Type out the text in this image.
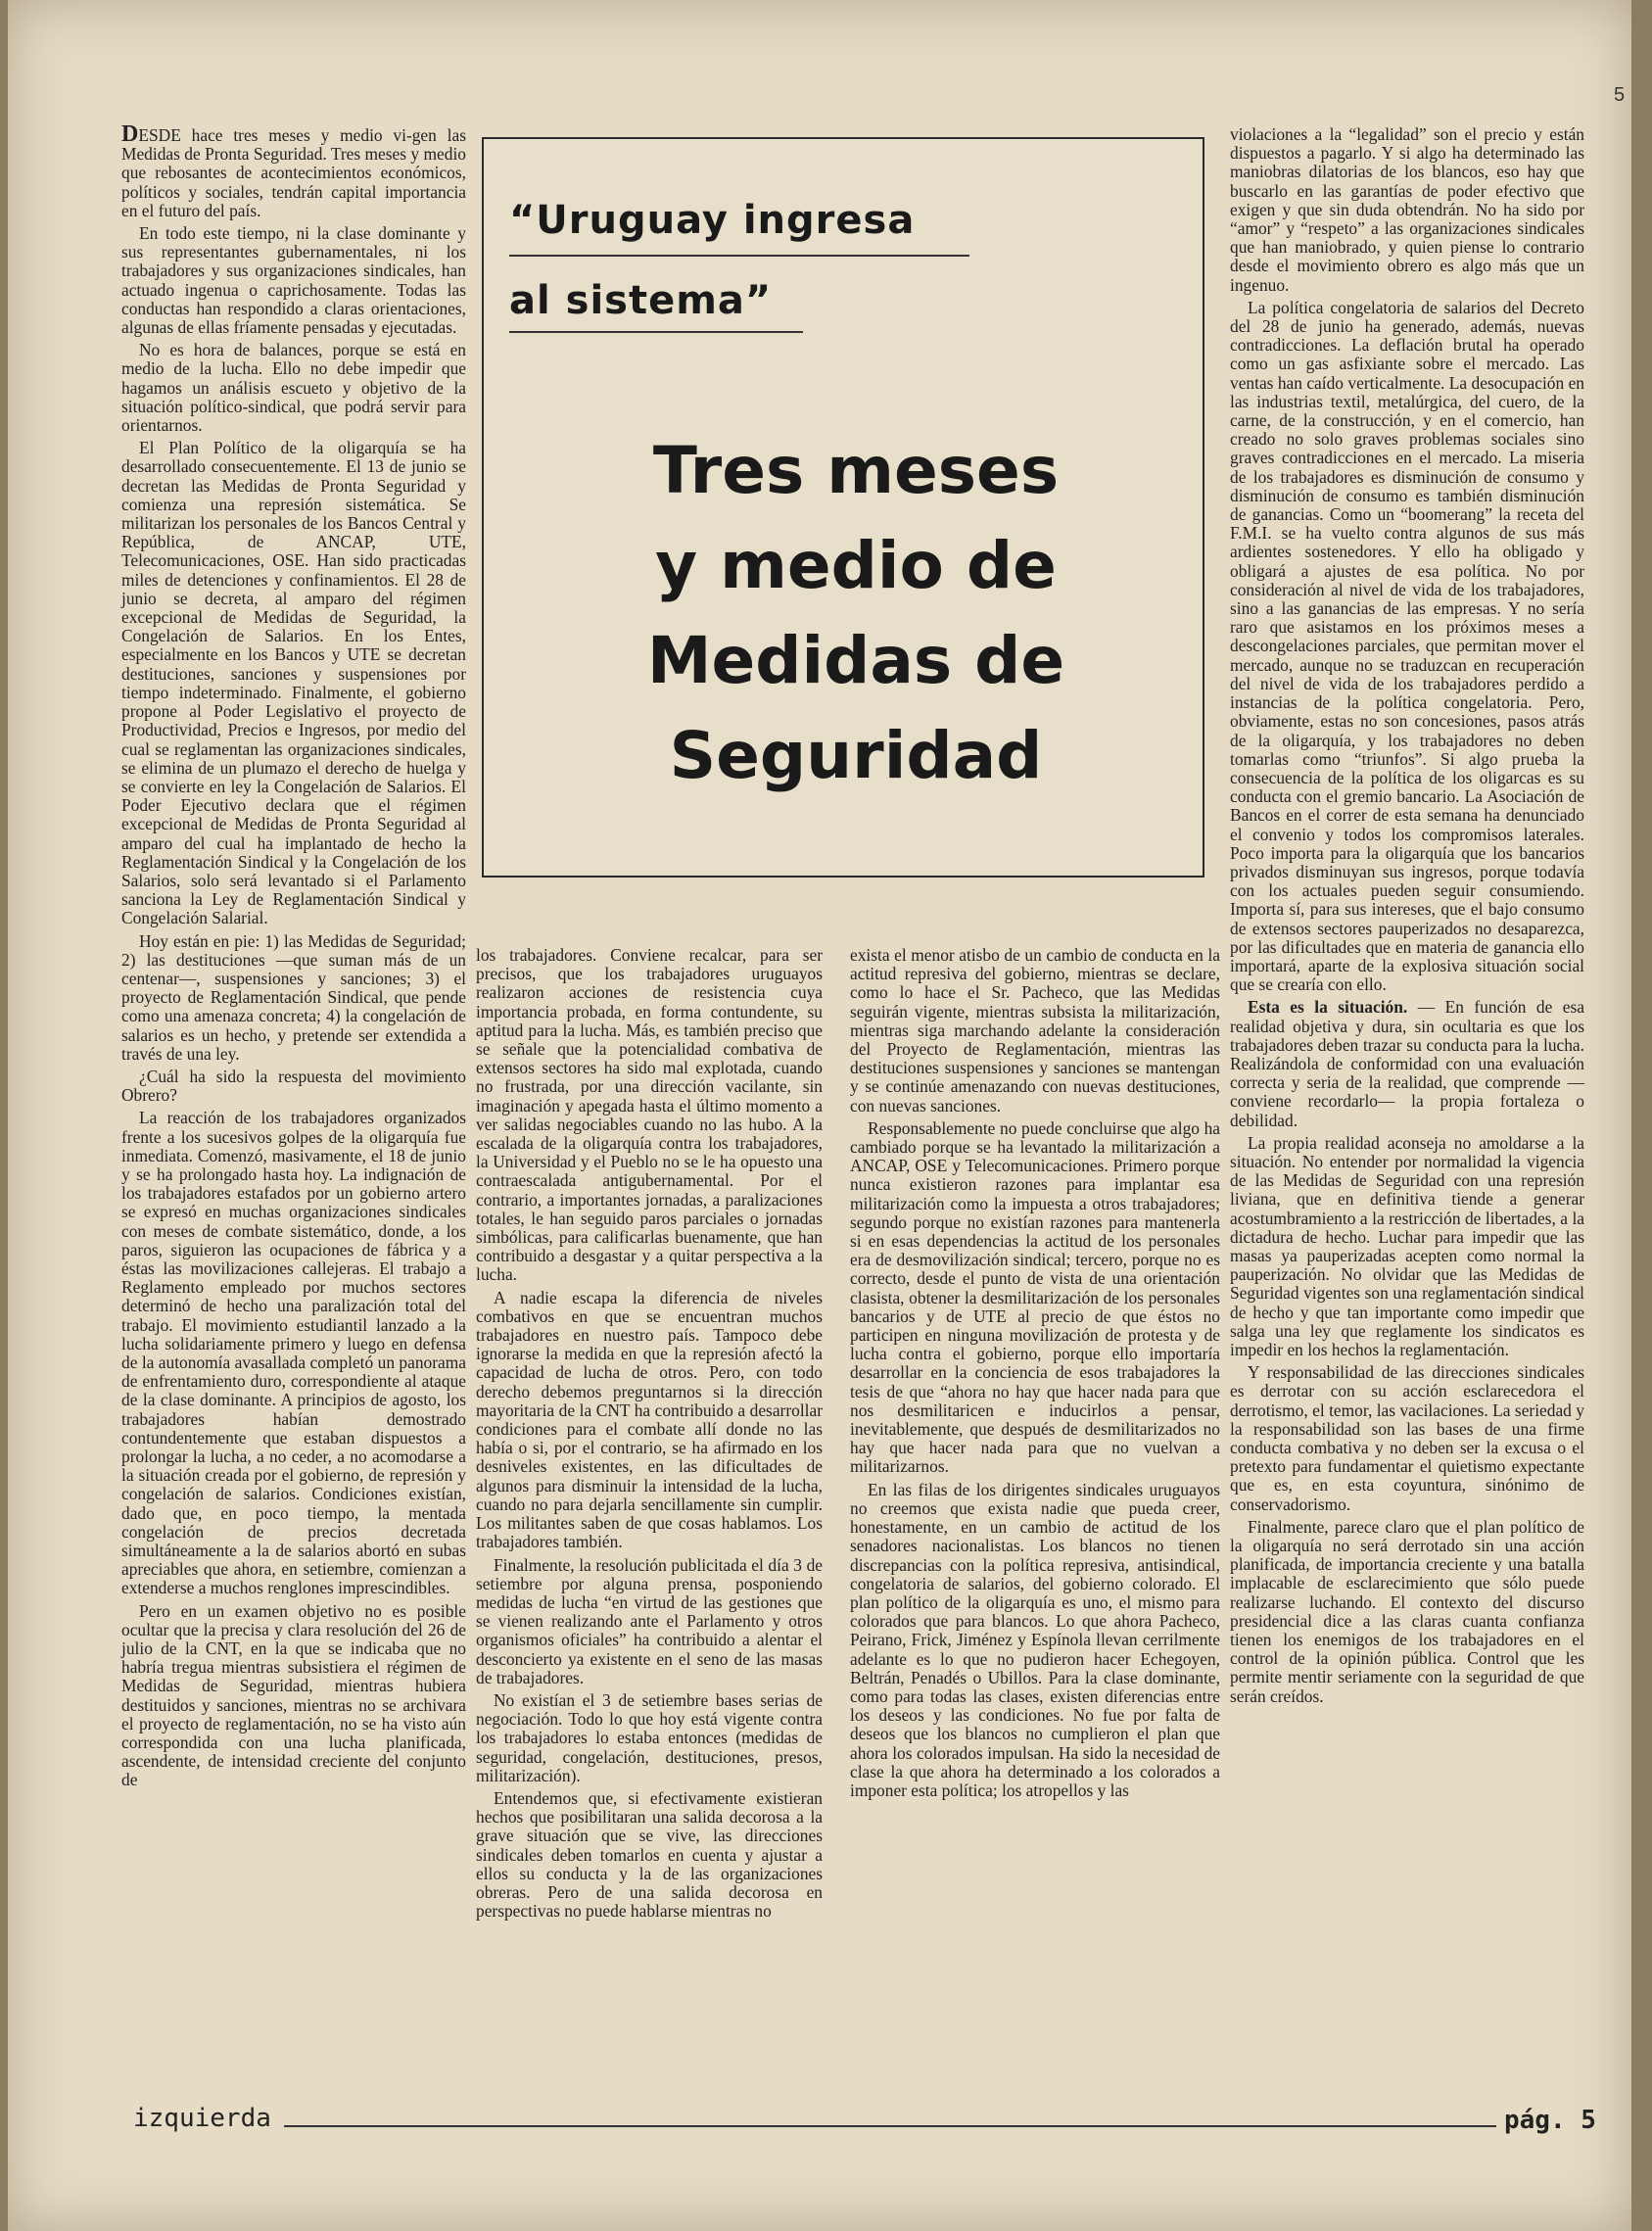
5

DESDE hace tres meses y medio vi-gen las Medidas de Pronta Seguridad. Tres meses y medio que rebosantes de acontecimientos económicos, políticos y sociales, tendrán capital importancia en el futuro del país.

En todo este tiempo, ni la clase dominante y sus representantes gubernamentales, ni los trabajadores y sus organizaciones sindicales, han actuado ingenua o caprichosamente. Todas las conductas han respondido a claras orientaciones, algunas de ellas fríamente pensadas y ejecutadas.

No es hora de balances, porque se está en medio de la lucha. Ello no debe impedir que hagamos un análisis escueto y objetivo de la situación político-sindical, que podrá servir para orientarnos.

El Plan Político de la oligarquía se ha desarrollado consecuentemente. El 13 de junio se decretan las Medidas de Pronta Seguridad y comienza una represión sistemática. Se militarizan los personales de los Bancos Central y República, de ANCAP, UTE, Telecomunicaciones, OSE. Han sido practicadas miles de detenciones y confinamientos. El 28 de junio se decreta, al amparo del régimen excepcional de Medidas de Seguridad, la Congelación de Salarios. En los Entes, especialmente en los Bancos y UTE se decretan destituciones, sanciones y suspensiones por tiempo indeterminado. Finalmente, el gobierno propone al Poder Legislativo el proyecto de Productividad, Precios e Ingresos, por medio del cual se reglamentan las organizaciones sindicales, se elimina de un plumazo el derecho de huelga y se convierte en ley la Congelación de Salarios. El Poder Ejecutivo declara que el régimen excepcional de Medidas de Pronta Seguridad al amparo del cual ha implantado de hecho la Reglamentación Sindical y la Congelación de los Salarios, solo será levantado si el Parlamento sanciona la Ley de Reglamentación Sindical y Congelación Salarial.

Hoy están en pie: 1) las Medidas de Seguridad; 2) las destituciones —que suman más de un centenar—, suspensiones y sanciones; 3) el proyecto de Reglamentación Sindical, que pende como una amenaza concreta; 4) la congelación de salarios es un hecho, y pretende ser extendida a través de una ley.

¿Cuál ha sido la respuesta del movimiento Obrero?

La reacción de los trabajadores organizados frente a los sucesivos golpes de la oligarquía fue inmediata. Comenzó, masivamente, el 18 de junio y se ha prolongado hasta hoy. La indignación de los trabajadores estafados por un gobierno artero se expresó en muchas organizaciones sindicales con meses de combate sistemático, donde, a los paros, siguieron las ocupaciones de fábrica y a éstas las movilizaciones callejeras. El trabajo a Reglamento empleado por muchos sectores determinó de hecho una paralización total del trabajo. El movimiento estudiantil lanzado a la lucha solidariamente primero y luego en defensa de la autonomía avasallada completó un panorama de enfrentamiento duro, correspondiente al ataque de la clase dominante. A principios de agosto, los trabajadores habían demostrado contundentemente que estaban dispuestos a prolongar la lucha, a no ceder, a no acomodarse a la situación creada por el gobierno, de represión y congelación de salarios. Condiciones existían, dado que, en poco tiempo, la mentada congelación de precios decretada simultáneamente a la de salarios abortó en subas apreciables que ahora, en setiembre, comienzan a extenderse a muchos renglones imprescindibles.

Pero en un examen objetivo no es posible ocultar que la precisa y clara resolución del 26 de julio de la CNT, en la que se indicaba que no habría tregua mientras subsistiera el régimen de Medidas de Seguridad, mientras hubiera destituidos y sanciones, mientras no se archivara el proyecto de reglamentación, no se ha visto aún correspondida con una lucha planificada, ascendente, de intensidad creciente del conjunto de

“Uruguay ingresa
al sistema”
Tres meses
y medio de
Medidas de
Seguridad

los trabajadores. Conviene recalcar, para ser precisos, que los trabajadores uruguayos realizaron acciones de resistencia cuya importancia probada, en forma contundente, su aptitud para la lucha. Más, es también preciso que se señale que la potencialidad combativa de extensos sectores ha sido mal explotada, cuando no frustrada, por una dirección vacilante, sin imaginación y apegada hasta el último momento a ver salidas negociables cuando no las hubo. A la escalada de la oligarquía contra los trabajadores, la Universidad y el Pueblo no se le ha opuesto una contraescalada antigubernamental. Por el contrario, a importantes jornadas, a paralizaciones totales, le han seguido paros parciales o jornadas simbólicas, para calificarlas buenamente, que han contribuido a desgastar y a quitar perspectiva a la lucha.

A nadie escapa la diferencia de niveles combativos en que se encuentran muchos trabajadores en nuestro país. Tampoco debe ignorarse la medida en que la represión afectó la capacidad de lucha de otros. Pero, con todo derecho debemos preguntarnos si la dirección mayoritaria de la CNT ha contribuido a desarrollar condiciones para el combate allí donde no las había o si, por el contrario, se ha afirmado en los desniveles existentes, en las dificultades de algunos para disminuir la intensidad de la lucha, cuando no para dejarla sencillamente sin cumplir. Los militantes saben de que cosas hablamos. Los trabajadores también.

Finalmente, la resolución publicitada el día 3 de setiembre por alguna prensa, posponiendo medidas de lucha “en virtud de las gestiones que se vienen realizando ante el Parlamento y otros organismos oficiales” ha contribuido a alentar el desconcierto ya existente en el seno de las masas de trabajadores.

No existían el 3 de setiembre bases serias de negociación. Todo lo que hoy está vigente contra los trabajadores lo estaba entonces (medidas de seguridad, congelación, destituciones, presos, militarización).

Entendemos que, si efectivamente existieran hechos que posibilitaran una salida decorosa a la grave situación que se vive, las direcciones sindicales deben tomarlos en cuenta y ajustar a ellos su conducta y la de las organizaciones obreras. Pero de una salida decorosa en perspectivas no puede hablarse mientras no

exista el menor atisbo de un cambio de conducta en la actitud represiva del gobierno, mientras se declare, como lo hace el Sr. Pacheco, que las Medidas seguirán vigente, mientras subsista la militarización, mientras siga marchando adelante la consideración del Proyecto de Reglamentación, mientras las destituciones suspensiones y sanciones se mantengan y se continúe amenazando con nuevas destituciones, con nuevas sanciones.

Responsablemente no puede concluirse que algo ha cambiado porque se ha levantado la militarización a ANCAP, OSE y Telecomunicaciones. Primero porque nunca existieron razones para implantar esa militarización como la impuesta a otros trabajadores; segundo porque no existían razones para mantenerla si en esas dependencias la actitud de los personales era de desmovilización sindical; tercero, porque no es correcto, desde el punto de vista de una orientación clasista, obtener la desmilitarización de los personales bancarios y de UTE al precio de que éstos no participen en ninguna movilización de protesta y de lucha contra el gobierno, porque ello importaría desarrollar en la conciencia de esos trabajadores la tesis de que “ahora no hay que hacer nada para que nos desmilitaricen e inducirlos a pensar, inevitablemente, que después de desmilitarizados no hay que hacer nada para que no vuelvan a militarizarnos.

En las filas de los dirigentes sindicales uruguayos no creemos que exista nadie que pueda creer, honestamente, en un cambio de actitud de los senadores nacionalistas. Los blancos no tienen discrepancias con la política represiva, antisindical, congelatoria de salarios, del gobierno colorado. El plan político de la oligarquía es uno, el mismo para colorados que para blancos. Lo que ahora Pacheco, Peirano, Frick, Jiménez y Espínola llevan cerrilmente adelante es lo que no pudieron hacer Echegoyen, Beltrán, Penadés o Ubillos. Para la clase dominante, como para todas las clases, existen diferencias entre los deseos y las condiciones. No fue por falta de deseos que los blancos no cumplieron el plan que ahora los colorados impulsan. Ha sido la necesidad de clase la que ahora ha determinado a los colorados a imponer esta política; los atropellos y las

violaciones a la “legalidad” son el precio y están dispuestos a pagarlo. Y si algo ha determinado las maniobras dilatorias de los blancos, eso hay que buscarlo en las garantías de poder efectivo que exigen y que sin duda obtendrán. No ha sido por “amor” y “respeto” a las organizaciones sindicales que han maniobrado, y quien piense lo contrario desde el movimiento obrero es algo más que un ingenuo.

La política congelatoria de salarios del Decreto del 28 de junio ha generado, además, nuevas contradicciones. La deflación brutal ha operado como un gas asfixiante sobre el mercado. Las ventas han caído verticalmente. La desocupación en las industrias textil, metalúrgica, del cuero, de la carne, de la construcción, y en el comercio, han creado no solo graves problemas sociales sino graves contradicciones en el mercado. La miseria de los trabajadores es disminución de consumo y disminución de consumo es también disminución de ganancias. Como un “boomerang” la receta del F.M.I. se ha vuelto contra algunos de sus más ardientes sostenedores. Y ello ha obligado y obligará a ajustes de esa política. No por consideración al nivel de vida de los trabajadores, sino a las ganancias de las empresas. Y no sería raro que asistamos en los próximos meses a descongelaciones parciales, que permitan mover el mercado, aunque no se traduzcan en recuperación del nivel de vida de los trabajadores perdido a instancias de la política congelatoria. Pero, obviamente, estas no son concesiones, pasos atrás de la oligarquía, y los trabajadores no deben tomarlas como “triunfos”. Si algo prueba la consecuencia de la política de los oligarcas es su conducta con el gremio bancario. La Asociación de Bancos en el correr de esta semana ha denunciado el convenio y todos los compromisos laterales. Poco importa para la oligarquía que los bancarios privados disminuyan sus ingresos, porque todavía con los actuales pueden seguir consumiendo. Importa sí, para sus intereses, que el bajo consumo de extensos sectores pauperizados no desaparezca, por las dificultades que en materia de ganancia ello importará, aparte de la explosiva situación social que se crearía con ello.

Esta es la situación. — En función de esa realidad objetiva y dura, sin ocultaria es que los trabajadores deben trazar su conducta para la lucha. Realizándola de conformidad con una evaluación correcta y seria de la realidad, que comprende —conviene recordarlo— la propia fortaleza o debilidad.

La propia realidad aconseja no amoldarse a la situación. No entender por normalidad la vigencia de las Medidas de Seguridad con una represión liviana, que en definitiva tiende a generar acostumbramiento a la restricción de libertades, a la dictadura de hecho. Luchar para impedir que las masas ya pauperizadas acepten como normal la pauperización. No olvidar que las Medidas de Seguridad vigentes son una reglamentación sindical de hecho y que tan importante como impedir que salga una ley que reglamente los sindicatos es impedir en los hechos la reglamentación.

Y responsabilidad de las direcciones sindicales es derrotar con su acción esclarecedora el derrotismo, el temor, las vacilaciones. La seriedad y la responsabilidad son las bases de una firme conducta combativa y no deben ser la excusa o el pretexto para fundamentar el quietismo expectante que es, en esta coyuntura, sinónimo de conservadorismo.

Finalmente, parece claro que el plan político de la oligarquía no será derrotado sin una acción planificada, de importancia creciente y una batalla implacable de esclarecimiento que sólo puede realizarse luchando. El contexto del discurso presidencial dice a las claras cuanta confianza tienen los enemigos de los trabajadores en el control de la opinión pública. Control que les permite mentir seriamente con la seguridad de que serán creídos.

izquierda	pág. 5
